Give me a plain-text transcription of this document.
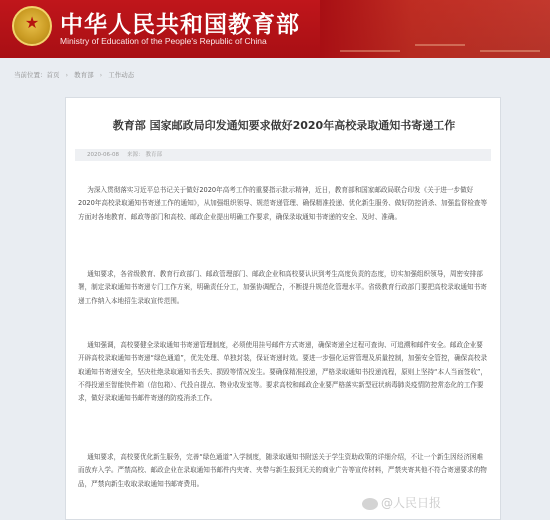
★
中华人民共和国教育部
Ministry of Education of the People's Republic of China
当前位置：首页 › 教育部 › 工作动态
教育部 国家邮政局印发通知要求做好2020年高校录取通知书寄递工作
2020-06-08 来源： 教育部

为深入贯彻落实习近平总书记关于做好2020年高考工作的重要指示批示精神，近日，教育部和国家邮政局联合印发《关于进一步做好2020年高校录取通知书寄递工作的通知》，从加强组织领导、规范寄递管理、确保精准投递、优化新生服务、做好防控消杀、加强监督检查等方面对各地教育、邮政等部门和高校、邮政企业提出明确工作要求，确保录取通知书寄递的安全、及时、准确。

通知要求，各省级教育、教育行政部门、邮政管理部门、邮政企业和高校要认识到考生高度负责的态度，切实加强组织领导，周密安排部署，制定录取通知书寄递专门工作方案，明确责任分工，加强协调配合，不断提升规范化管理水平。省级教育行政部门要把高校录取通知书寄递工作纳入本地招生录取宣传范围。

通知强调，高校要健全录取通知书寄递管理制度，必须使用挂号邮件方式寄递，确保寄递全过程可查询、可追溯和邮件安全。邮政企业要开辟高校录取通知书寄递“绿色通道”，优先处理、单独封装，保证寄递时效。要进一步强化运营管理及质量控制，加强安全管控，确保高校录取通知书寄递安全，坚决杜绝录取通知书丢失、损毁等情况发生。要确保精准投递，严格录取通知书投递流程，原则上坚持“本人当面签收”，不得投递至智能快件箱（信包箱）、代投自提点、物业收发室等。要求高校和邮政企业要严格落实新型冠状病毒肺炎疫情防控常态化的工作要求，做好录取通知书邮件寄递的防疫消杀工作。

通知要求，高校要优化新生服务，完善“绿色通道”入学制度，随录取通知书附送关于学生资助政策的详细介绍，不让一个新生因经济困难而放弃入学。严禁高校、邮政企业在录取通知书邮件内夹寄、夹带与新生报到无关的商业广告等宣传材料，严禁夹寄其他不符合寄递要求的物品，严禁向新生收取录取通知书邮寄费用。

@人民日报
